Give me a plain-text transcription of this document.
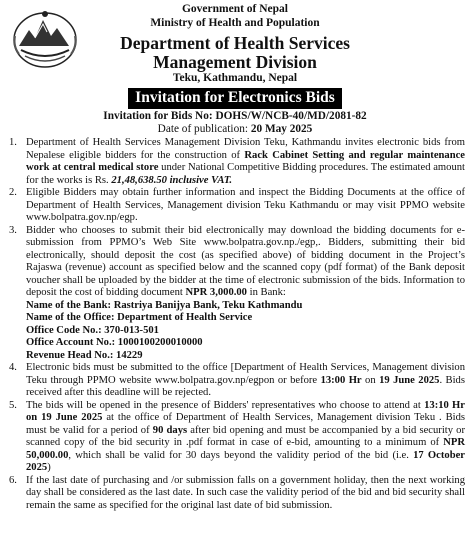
Government of Nepal
Ministry of Health and Population
Department of Health Services
Management Division
Teku, Kathmandu, Nepal
Invitation for Electronics Bids
Invitation for Bids No: DOHS/W/NCB-40/MD/2081-82
Date of publication: 20 May 2025
1. Department of Health Services Management Division Teku, Kathmandu invites electronic bids from Nepalese eligible bidders for the construction of Rack Cabinet Setting and regular maintenance work at central medical store under National Competitive Bidding procedures. The estimated amount for the works is Rs. 21,48,638.50 inclusive VAT.
2. Eligible Bidders may obtain further information and inspect the Bidding Documents at the office of Department of Health Services, Management division Teku Kathmandu or may visit PPMO website www.bolpatra.gov.np/egp.
3. Bidder who chooses to submit their bid electronically may download the bidding documents for e-submission from PPMO’s Web Site www.bolpatra.gov.np./egp,. Bidders, submitting their bid electronically, should deposit the cost (as specified above) of bidding document in the Project’s Rajaswa (revenue) account as specified below and the scanned copy (pdf format) of the Bank deposit voucher shall be uploaded by the bidder at the time of electronic submission of the bids. Information to deposit the cost of bidding document NPR 3,000.00 in Bank:
Name of the Bank: Rastriya Banijya Bank, Teku Kathmandu
Name of the Office: Department of Health Service
Office Code No.: 370-013-501
Office Account No.: 1000100200010000
Revenue Head No.: 14229
4. Electronic bids must be submitted to the office [Department of Health Services, Management division Teku through PPMO website www.bolpatra.gov.np/egpon or before 13:00 Hr on 19 June 2025. Bids received after this deadline will be rejected.
5. The bids will be opened in the presence of Bidders' representatives who choose to attend at 13:10 Hr on 19 June 2025 at the office of Department of Health Services, Management division Teku . Bids must be valid for a period of 90 days after bid opening and must be accompanied by a bid security or scanned copy of the bid security in .pdf format in case of e-bid, amounting to a minimum of NPR 50,000.00, which shall be valid for 30 days beyond the validity period of the bid (i.e. 17 October 2025)
6. If the last date of purchasing and /or submission falls on a government holiday, then the next working day shall be considered as the last date. In such case the validity period of the bid and bid security shall remain the same as specified for the original last date of bid submission.
